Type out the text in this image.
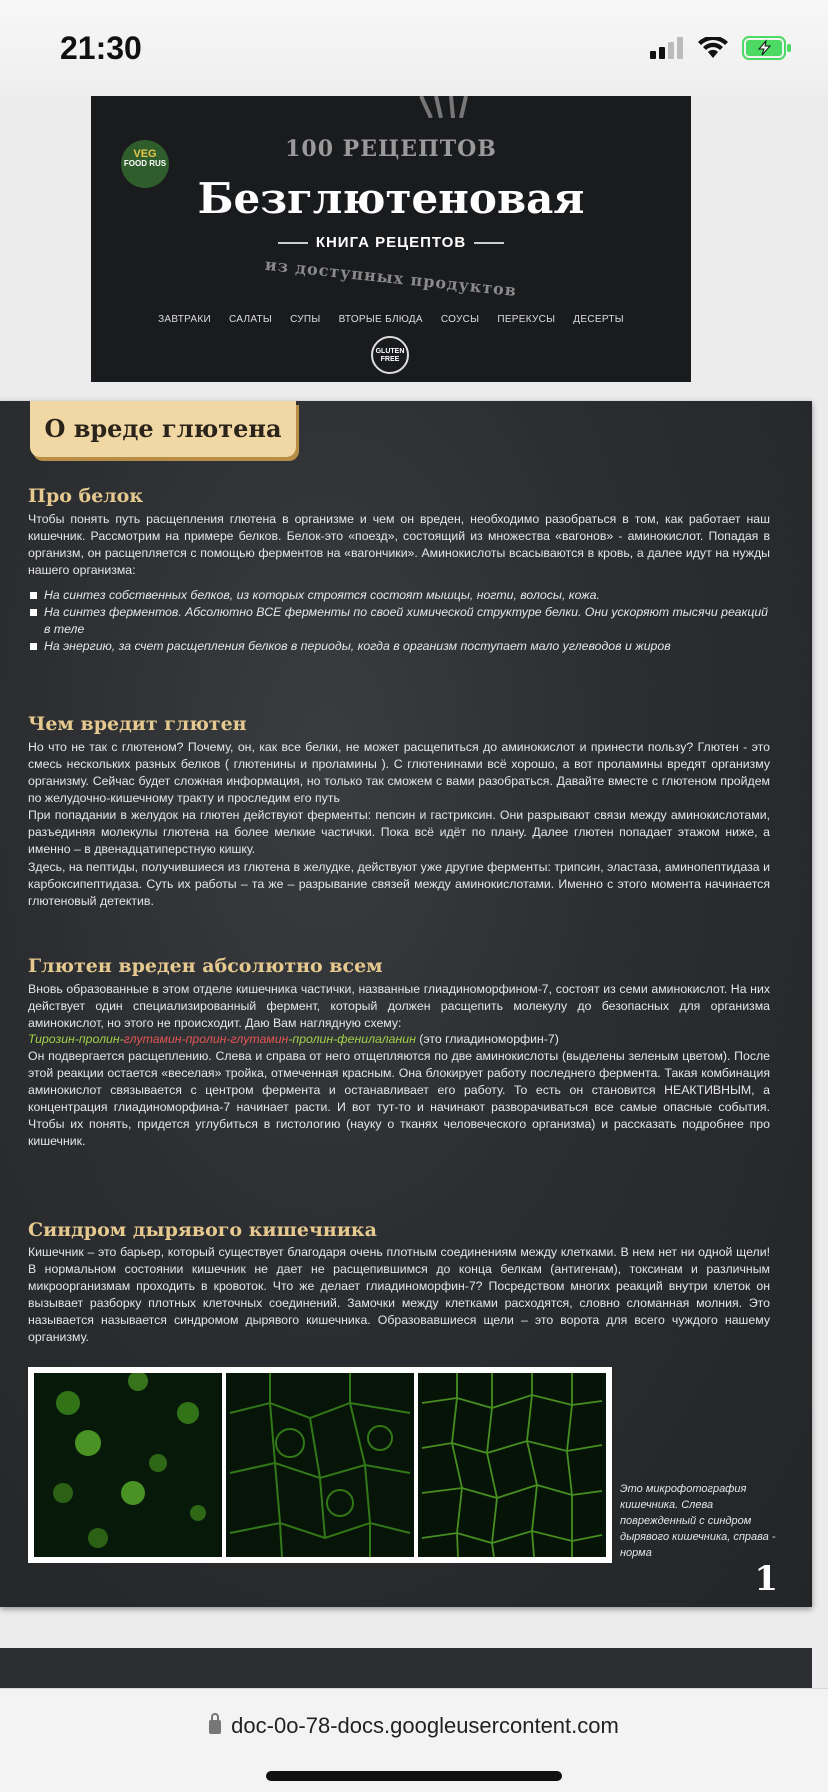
21:30
VEG
FOOD RUS
100 РЕЦЕПТОВ
Безглютеновая
КНИГА РЕЦЕПТОВ
из доступных продуктов
ЗАВТРАКИ САЛАТЫ СУПЫ ВТОРЫЕ БЛЮДА СОУСЫ ПЕРЕКУСЫ ДЕСЕРТЫ
GLUTEN FREE
О вреде глютена
Про белок
Чтобы понять путь расщепления глютена в организме и чем он вреден, необходимо разобраться в том, как работает наш кишечник. Рассмотрим на примере белков. Белок-это «поезд», состоящий из множества «вагонов» - аминокислот. Попадая в организм, он расщепляется с помощью ферментов на «вагончики». Аминокислоты всасываются в кровь, а далее идут на нужды нашего организма:
На синтез собственных белков, из которых строятся состоят мышцы, ногти, волосы, кожа.
На синтез ферментов. Абсолютно ВСЕ ферменты по своей химической структуре белки. Они ускоряют тысячи реакций в теле
На энергию, за счет расщепления белков в периоды, когда в организм поступает мало углеводов и жиров
Чем вредит глютен
Но что не так с глютеном? Почему, он, как все белки, не может расщепиться до аминокислот и принести пользу? Глютен - это смесь нескольких разных белков ( глютенины и проламины ). С глютенинами всё хорошо, а вот проламины вредят организму организму. Сейчас будет сложная информация, но только так сможем с вами разобраться. Давайте вместе с глютеном пройдем по желудочно-кишечному тракту и проследим его путь
При попадании в желудок на глютен действуют ферменты: пепсин и гастриксин. Они разрывают связи между аминокислотами, разъединяя молекулы глютена на более мелкие частички. Пока всё идёт по плану. Далее глютен попадает этажом ниже, а именно – в двенадцатиперстную кишку.
Здесь, на пептиды, получившиеся из глютена в желудке, действуют уже другие ферменты: трипсин, эластаза, аминопептидаза и карбоксипептидаза. Суть их работы – та же – разрывание связей между аминокислотами. Именно с этого момента начинается глютеновый детектив.
Глютен вреден абсолютно всем
Вновь образованные в этом отделе кишечника частички, названные глиадиноморфином-7, состоят из семи аминокислот. На них действует один специализированный фермент, который должен расщепить молекулу до безопасных для организма аминокислот, но этого не происходит. Даю Вам наглядную схему:
Тирозин-пролин-глутамин-пролин-глутамин-пролин-фенилаланин (это глиадиноморфин-7)
Он подвергается расщеплению. Слева и справа от него отщепляются по две аминокислоты (выделены зеленым цветом). После этой реакции остается «веселая» тройка, отмеченная красным. Она блокирует работу последнего фермента. Такая комбинация аминокислот связывается с центром фермента и останавливает его работу. То есть он становится НЕАКТИВНЫМ, а концентрация глиадиноморфина-7 начинает расти. И вот тут-то и начинают разворачиваться все самые опасные события. Чтобы их понять, придется углубиться в гистологию (науку о тканях человеческого организма) и рассказать подробнее про кишечник.
Синдром дырявого кишечника
Кишечник – это барьер, который существует благодаря очень плотным соединениям между клетками. В нем нет ни одной щели! В нормальном состоянии кишечник не дает не расщепившимся до конца белкам (антигенам), токсинам и различным микроорганизмам проходить в кровоток. Что же делает глиадиноморфин-7? Посредством многих реакций внутри клеток он вызывает разборку плотных клеточных соединений. Замочки между клетками расходятся, словно сломанная молния. Это называется называется синдромом дырявого кишечника. Образовавшиеся щели – это ворота для всего чуждого нашему организму.
Это микрофотография кишечника. Слева поврежденный с синдром дырявого кишечника, справа - норма
1
doc-0o-78-docs.googleusercontent.com
